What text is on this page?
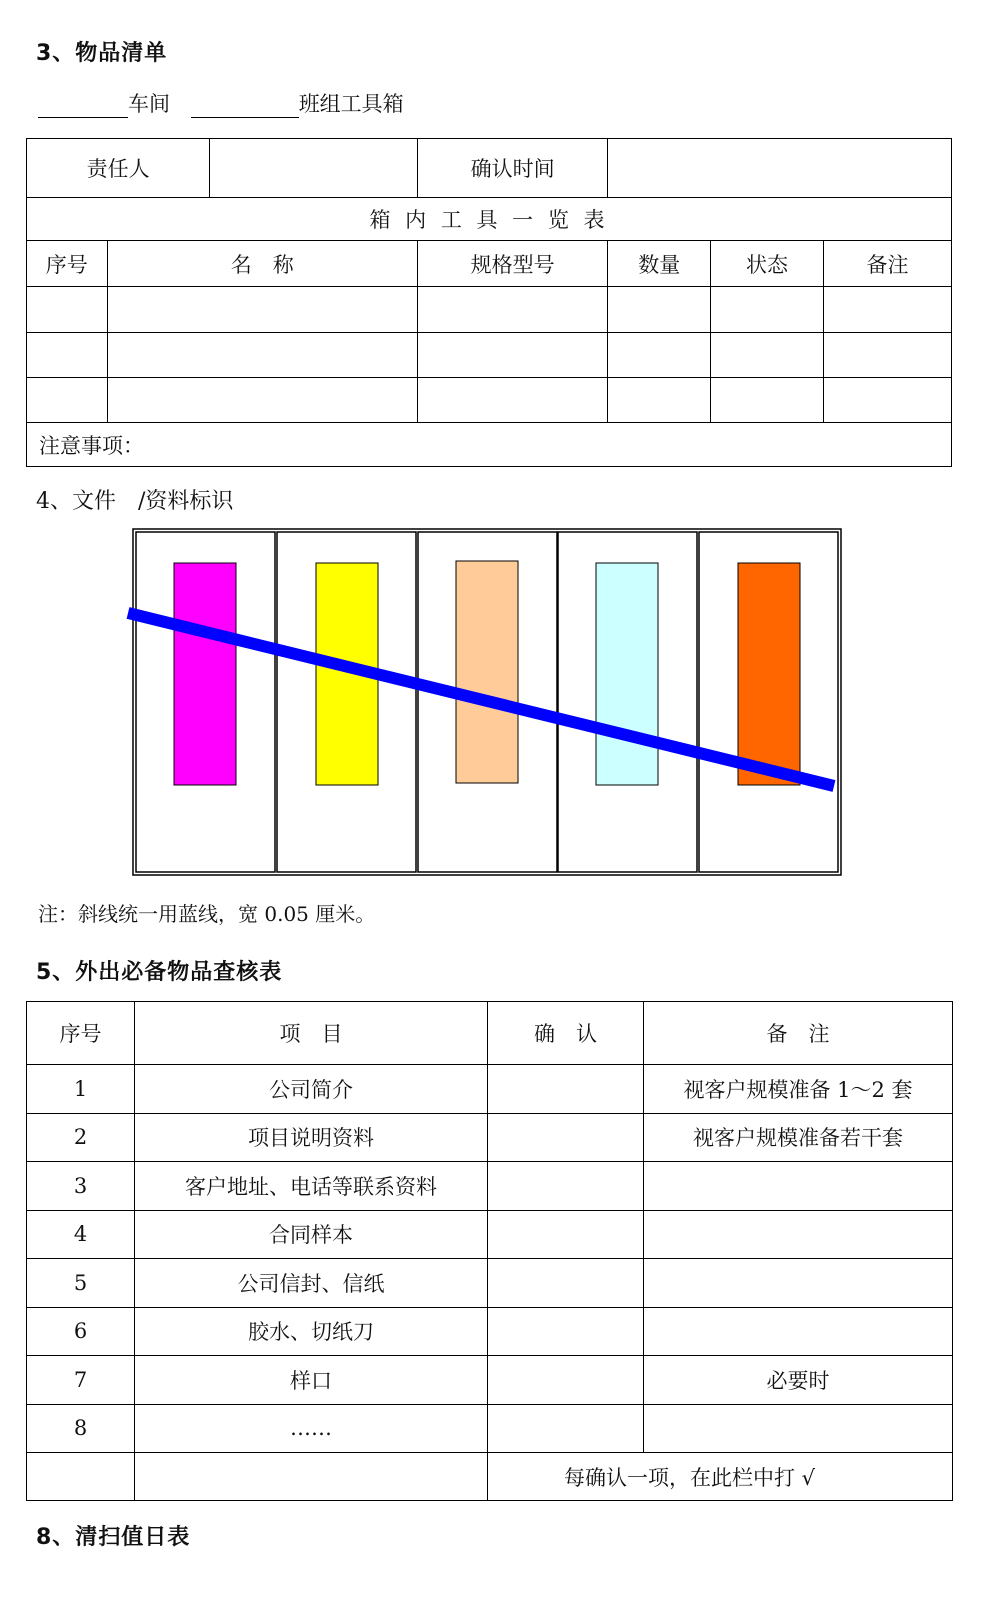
3、物品清单
车间	班组工具箱
责任人			确认时间			
箱 内 工 具 一 览 表						
序号	名　称		规格型号	数量	状态	备注

注意事项：						
4、文件　/资料标识
注：斜线统一用蓝线，宽 0.05 厘米。
5、外出必备物品查核表
序号	项　目	确　认	备　注
1	公司简介		视客户规模准备 1～2 套
2	项目说明资料		视客户规模准备若干套
3	客户地址、电话等联系资料		
4	合同样本		
5	公司信封、信纸		
6	胶水、切纸刀		
7	样口		必要时
8	……		
		每确认一项，在此栏中打 √	
8、清扫值日表
